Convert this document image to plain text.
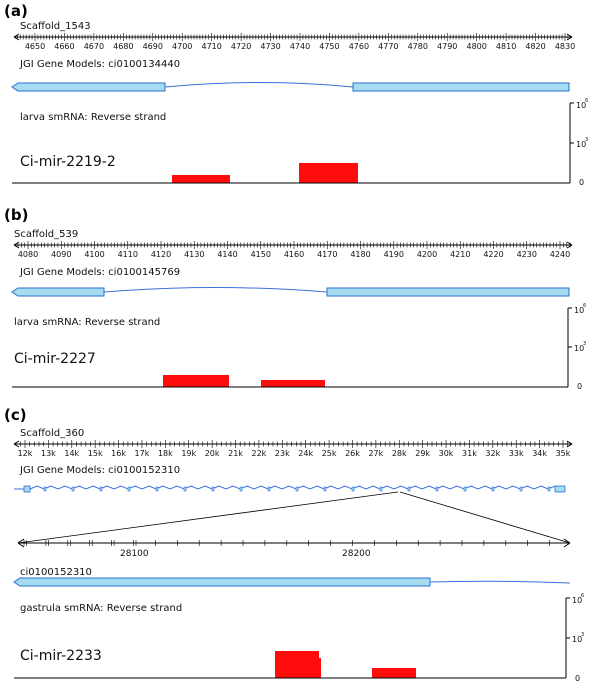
(a)
Scaffold_1543
4650 4660 4670 4680 4690 4700 4710 4720 4730 4740 4750 4760 4770 4780 4790 4800 4810 4820 4830
JGI Gene Models: ci0100134440
larva smRNA: Reverse strand
Ci-mir-2219-2
10
6
10
3
0
(b)
Scaffold_539
4080 4090 4100 4110 4120 4130 4140 4150 4160 4170 4180 4190 4200 4210 4220 4230 4240
JGI Gene Models: ci0100145769
larva smRNA: Reverse strand
Ci-mir-2227
10
6
10
3
0
(c)
Scaffold_360
12k 13k 14k 15k 16k 17k 18k 19k 20k 21k 22k 23k 24k 25k 26k 27k 28k 29k 30k 31k 32k 33k 34k 35k
JGI Gene Models: ci0100152310
28100	28200
ci0100152310
gastrula smRNA: Reverse strand
Ci-mir-2233
10
6
10
3
0
